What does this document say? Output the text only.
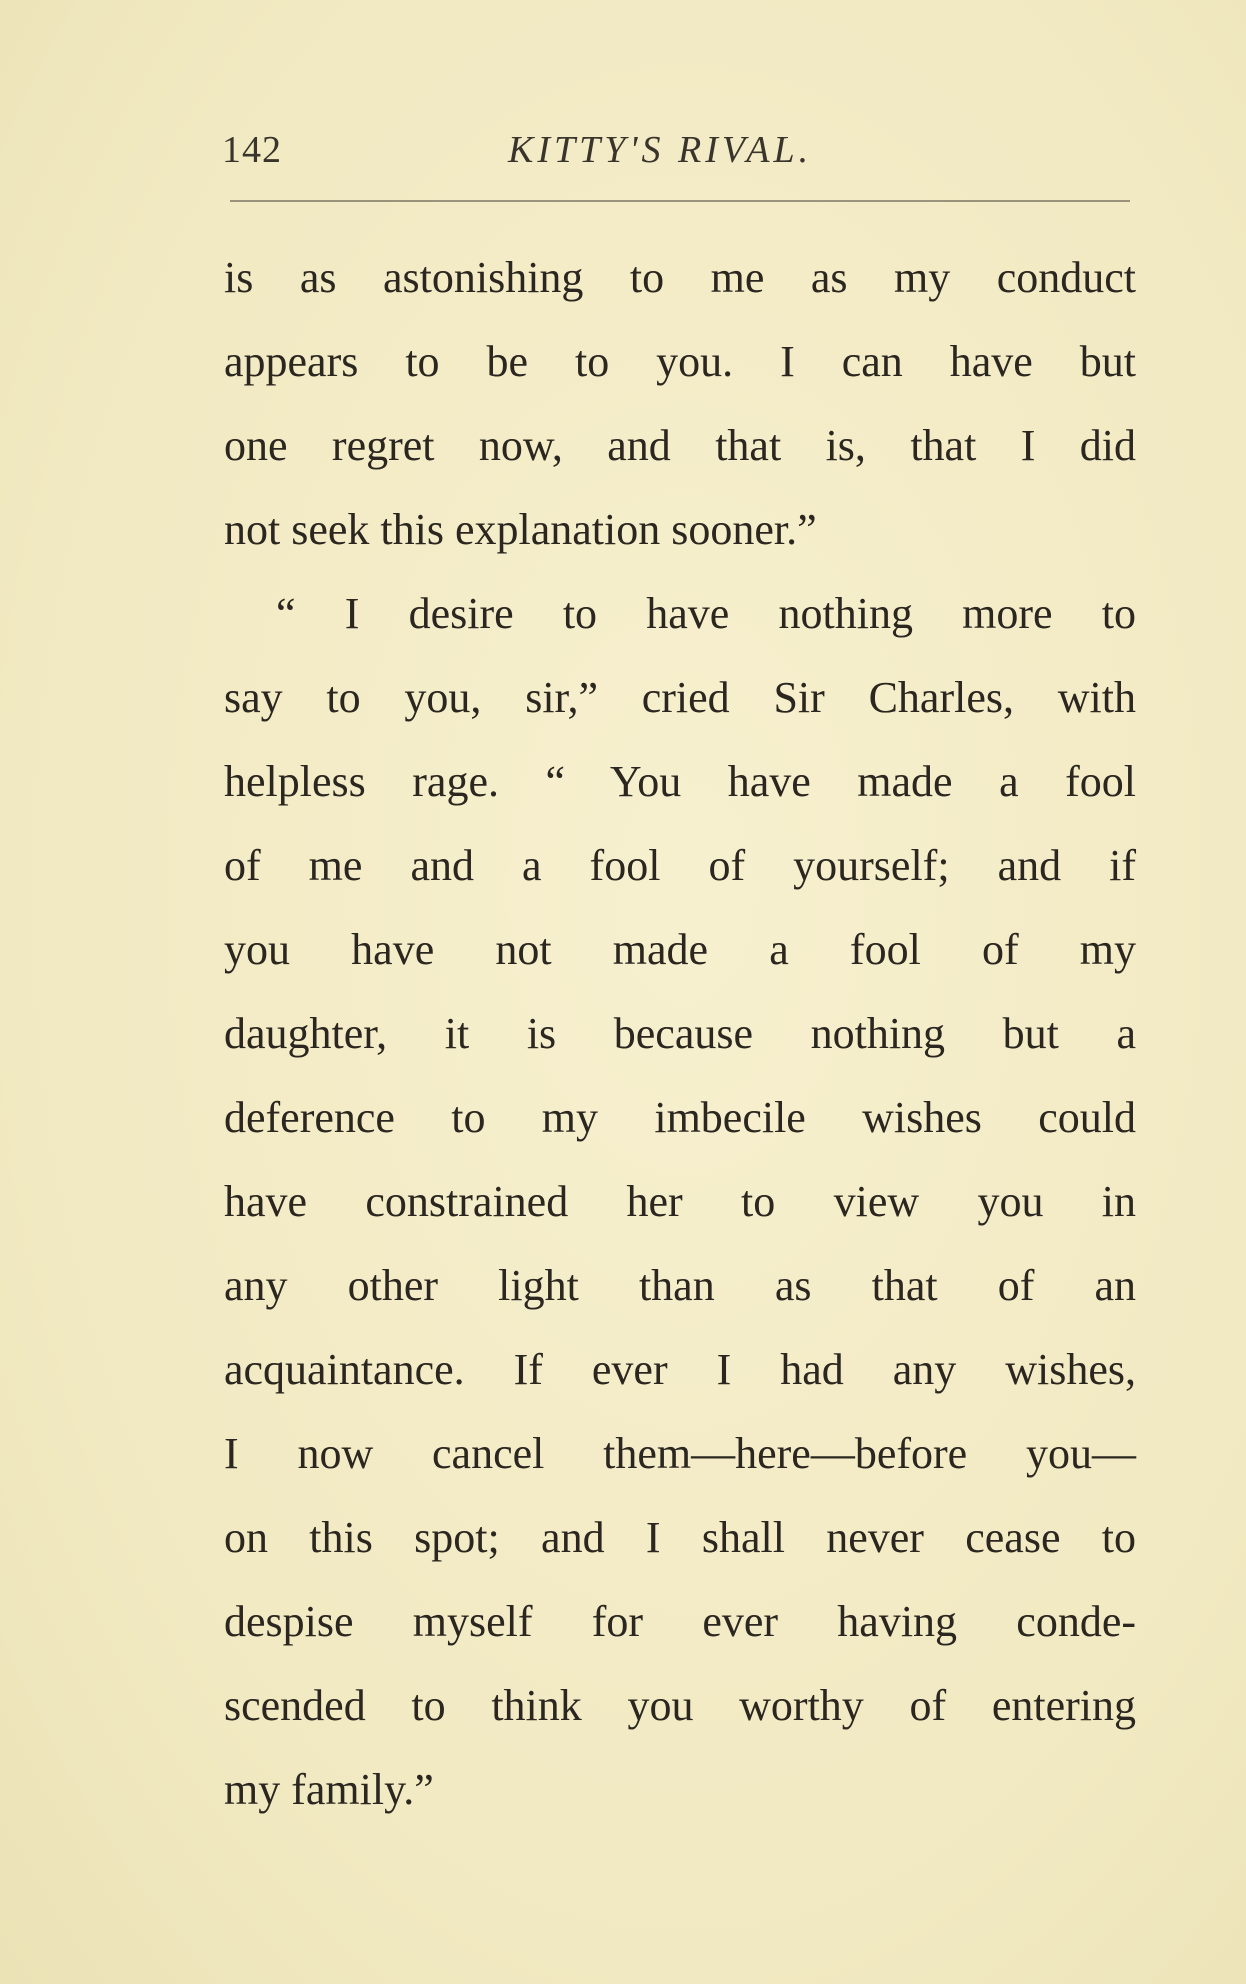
142	KITTY'S RIVAL.
is as astonishing to me as my conduct
appears to be to you. I can have but
one regret now, and that is, that I did
not seek this explanation sooner.”
“ I desire to have nothing more to
say to you, sir,” cried Sir Charles, with
helpless rage. “ You have made a fool
of me and a fool of yourself; and if
you have not made a fool of my
daughter, it is because nothing but a
deference to my imbecile wishes could
have constrained her to view you in
any other light than as that of an
acquaintance. If ever I had any wishes,
I now cancel them—here—before you—
on this spot; and I shall never cease to
despise myself for ever having conde-
scended to think you worthy of entering
my family.”
